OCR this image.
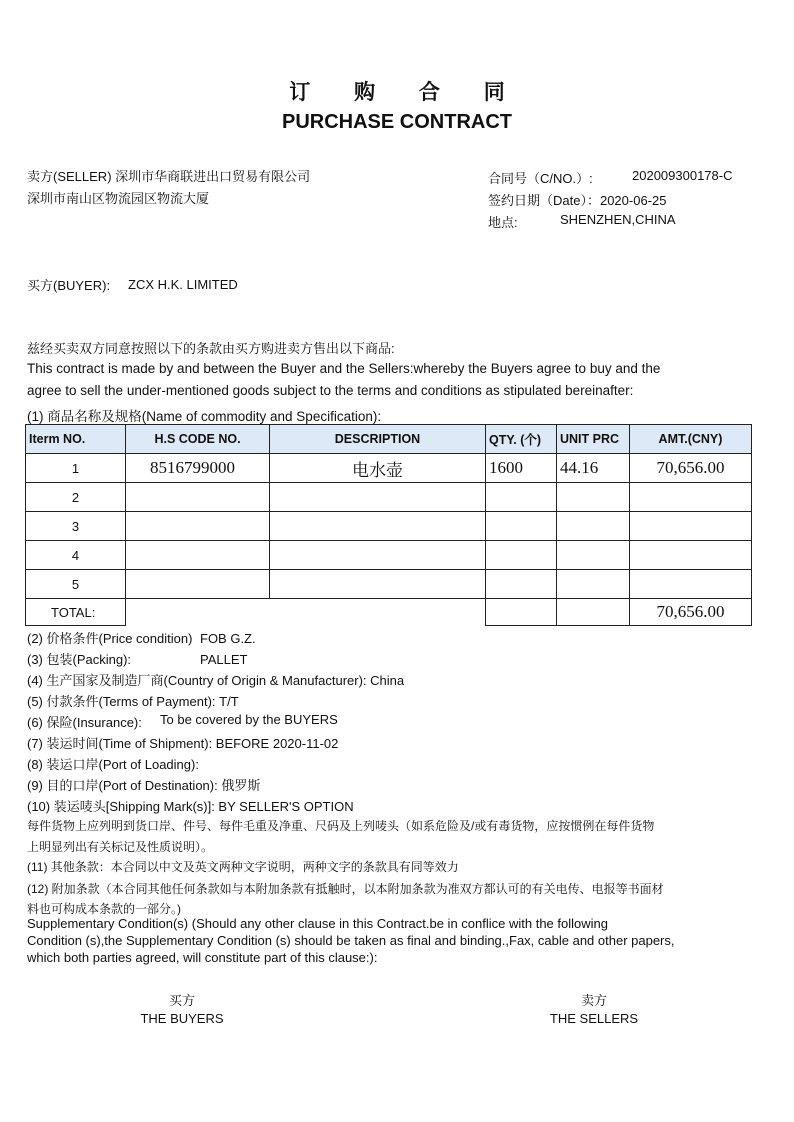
订 购 合 同
PURCHASE CONTRACT
卖方(SELLER) 深圳市华商联进出口贸易有限公司
深圳市南山区物流园区物流大厦
合同号（C/NO.）:	202009300178-C
签约日期（Date）：2020-06-25
地点:	SHENZHEN,CHINA
买方(BUYER): ZCX H.K. LIMITED
兹经买卖双方同意按照以下的条款由买方购进卖方售出以下商品:
This contract is made by and between the Buyer and the Sellers:whereby the Buyers agree to buy and the
agree to sell the under-mentioned goods subject to the terms and conditions as stipulated bereinafter:
(1) 商品名称及规格(Name of commodity and Specification):
Iterm NO.	H.S CODE NO.	DESCRIPTION	QTY. (个)	UNIT PRC	AMT.(CNY)
1	8516799000	电水壶	1600	44.16	70,656.00
2
3
4
5
TOTAL:	70,656.00
(2) 价格条件(Price condition) FOB G.Z.
(3) 包装(Packing):	PALLET
(4) 生产国家及制造厂商(Country of Origin & Manufacturer): China
(5) 付款条件(Terms of Payment): T/T
(6) 保险(Insurance): To be covered by the BUYERS
(7) 装运时间(Time of Shipment): BEFORE 2020-11-02
(8) 装运口岸(Port of Loading):
(9) 目的口岸(Port of Destination): 俄罗斯
(10) 装运唛头[Shipping Mark(s)]: BY SELLER'S OPTION
每件货物上应列明到货口岸、件号、每件毛重及净重、尺码及上列唛头（如系危险及/或有毒货物，应按惯例在每件货物
上明显列出有关标记及性质说明）。
(11) 其他条款：本合同以中文及英文两种文字说明，两种文字的条款具有同等效力
(12) 附加条款（本合同其他任何条款如与本附加条款有抵触时，以本附加条款为准双方都认可的有关电传、电报等书面材
料也可构成本条款的一部分。)
Supplementary Condition(s) (Should any other clause in this Contract.be in conflice with the following
Condition (s),the Supplementary Condition (s) should be taken as final and binding.,Fax, cable and other papers,
which both parties agreed, will constitute part of this clause:):
买方
THE BUYERS
卖方
THE SELLERS
